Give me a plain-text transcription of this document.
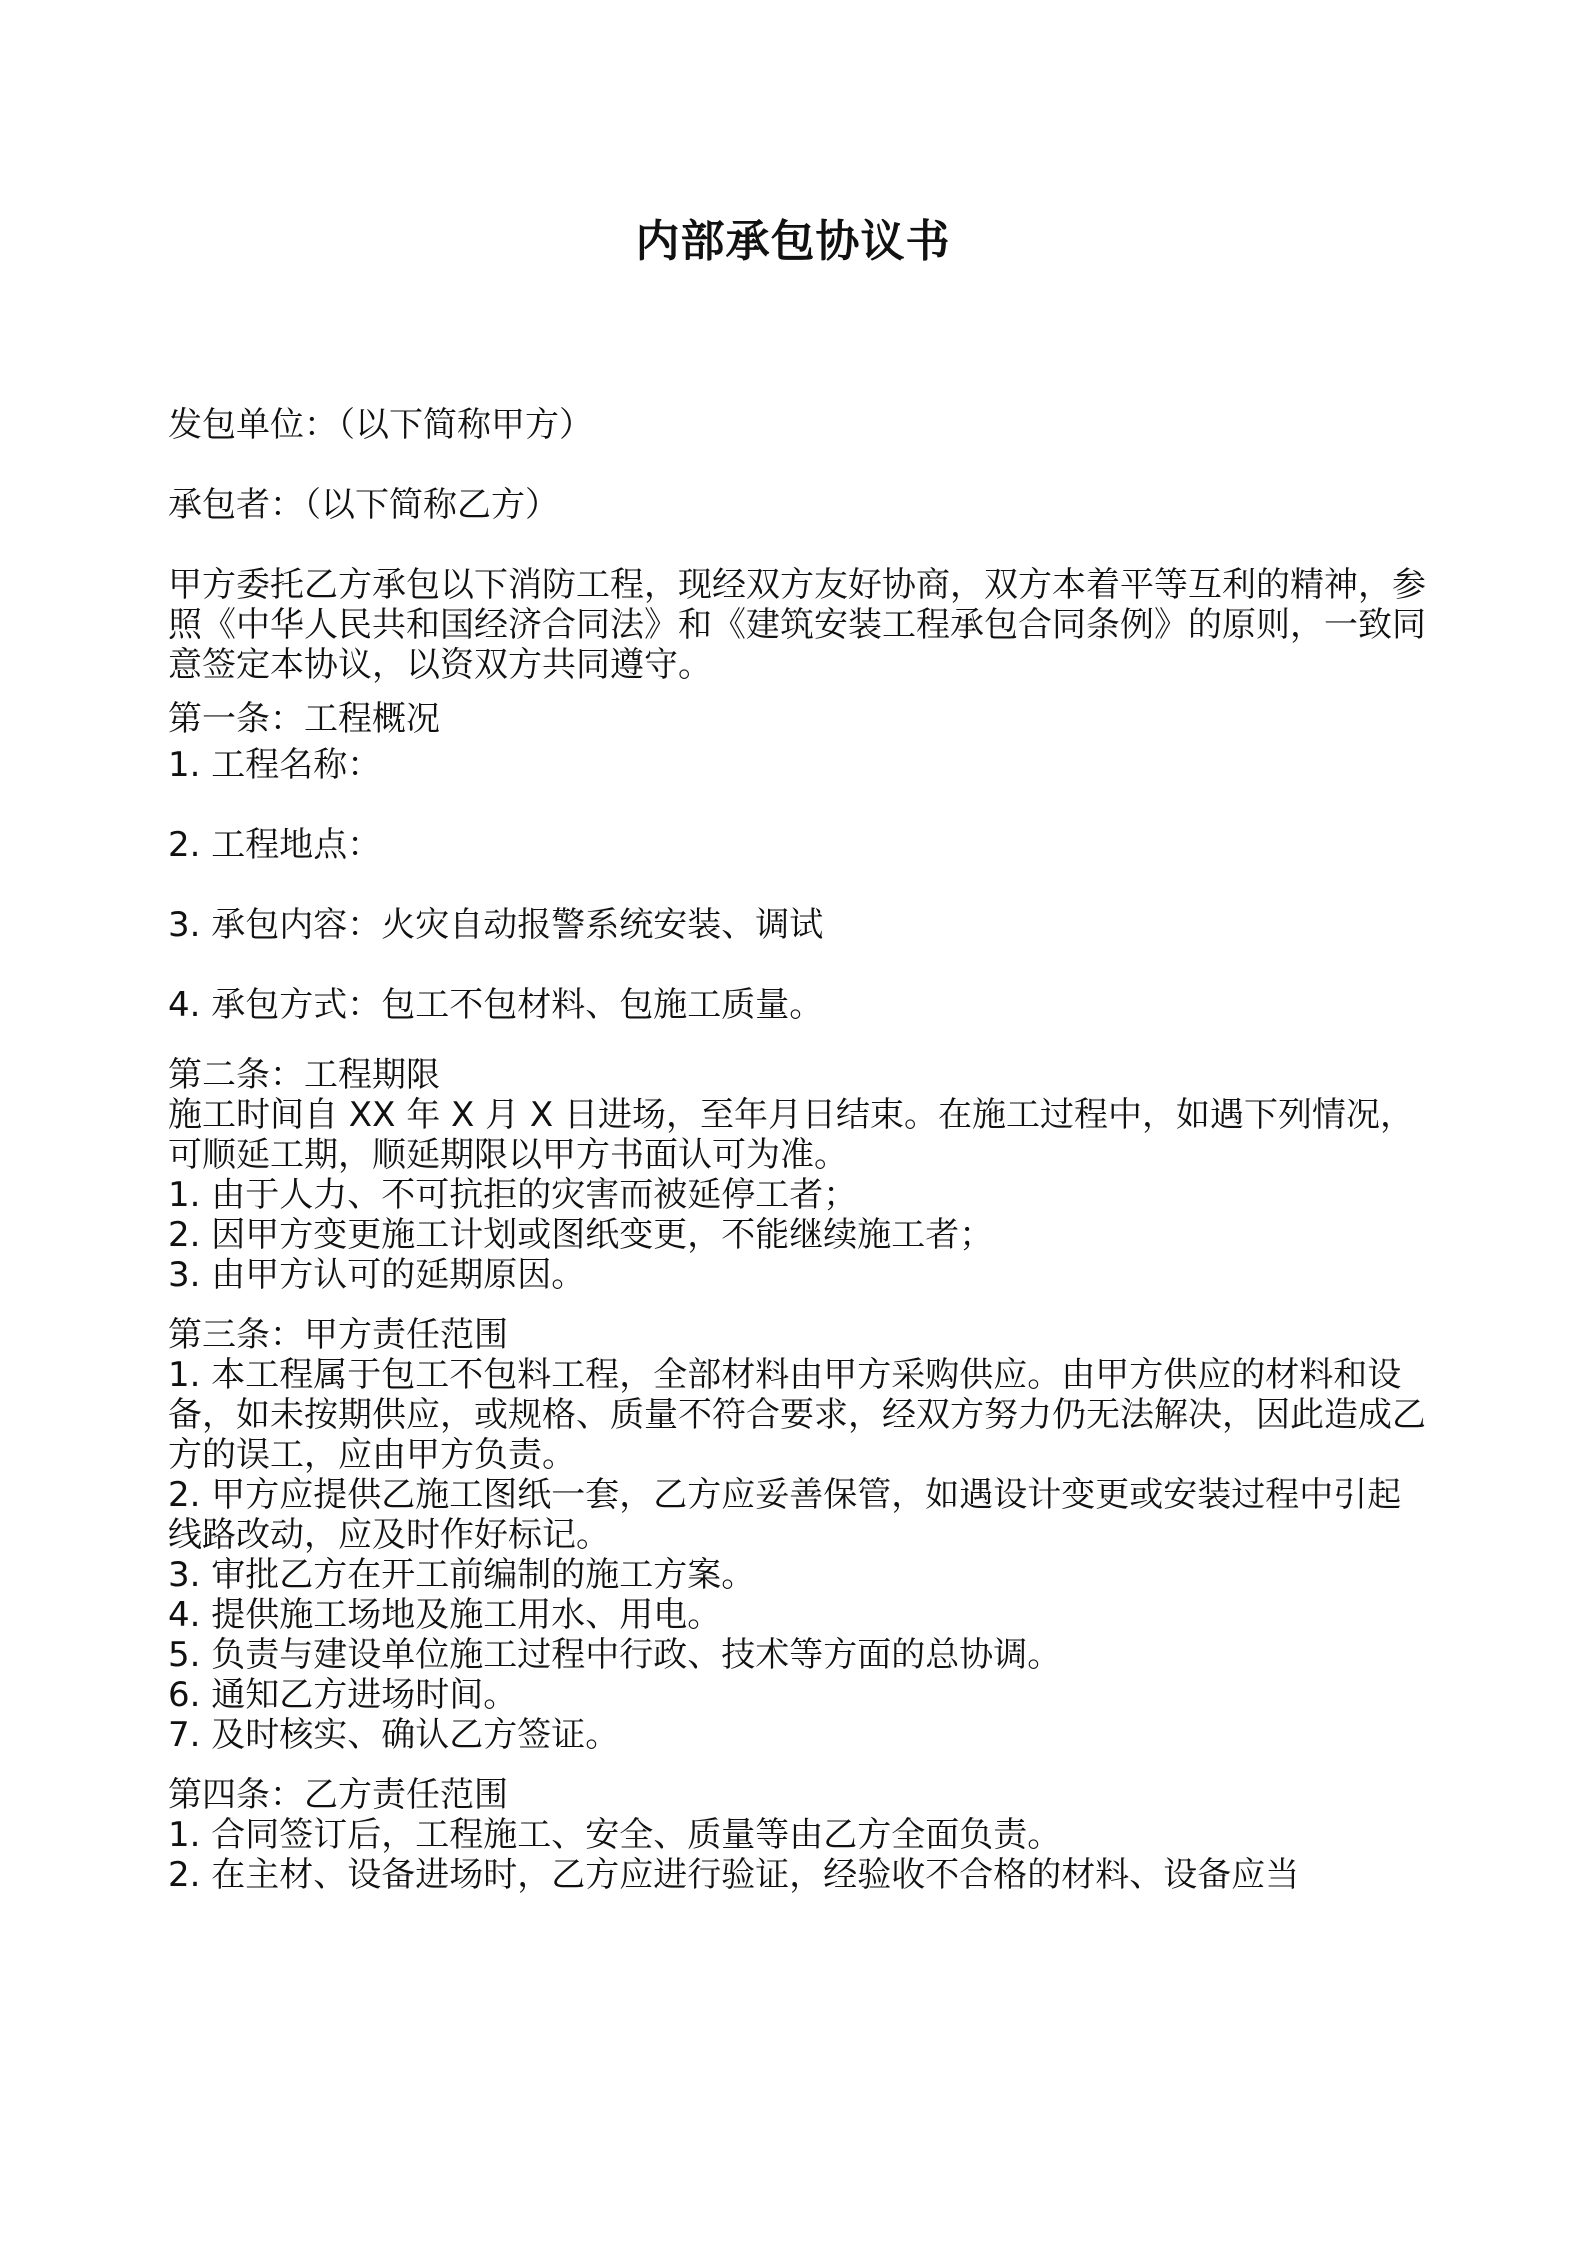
内部承包协议书
发包单位：（以下简称甲方）
承包者：（以下简称乙方）
甲方委托乙方承包以下消防工程，现经双方友好协商，双方本着平等互利的精神，参照《中华人民共和国经济合同法》和《建筑安装工程承包合同条例》的原则，一致同意签定本协议，以资双方共同遵守。
第一条：工程概况
1. 工程名称：
2. 工程地点：
3. 承包内容：火灾自动报警系统安装、调试
4. 承包方式：包工不包材料、包施工质量。
第二条：工程期限
施工时间自 XX 年 X 月 X 日进场，至年月日结束。在施工过程中，如遇下列情况，可顺延工期，顺延期限以甲方书面认可为准。
1. 由于人力、不可抗拒的灾害而被延停工者；
2. 因甲方变更施工计划或图纸变更，不能继续施工者；
3. 由甲方认可的延期原因。
第三条：甲方责任范围
1. 本工程属于包工不包料工程，全部材料由甲方采购供应。由甲方供应的材料和设备，如未按期供应，或规格、质量不符合要求，经双方努力仍无法解决，因此造成乙方的误工，应由甲方负责。
2. 甲方应提供乙施工图纸一套，乙方应妥善保管，如遇设计变更或安装过程中引起线路改动，应及时作好标记。
3. 审批乙方在开工前编制的施工方案。
4. 提供施工场地及施工用水、用电。
5. 负责与建设单位施工过程中行政、技术等方面的总协调。
6. 通知乙方进场时间。
7. 及时核实、确认乙方签证。
第四条：乙方责任范围
1. 合同签订后，工程施工、安全、质量等由乙方全面负责。
2. 在主材、设备进场时，乙方应进行验证，经验收不合格的材料、设备应当
